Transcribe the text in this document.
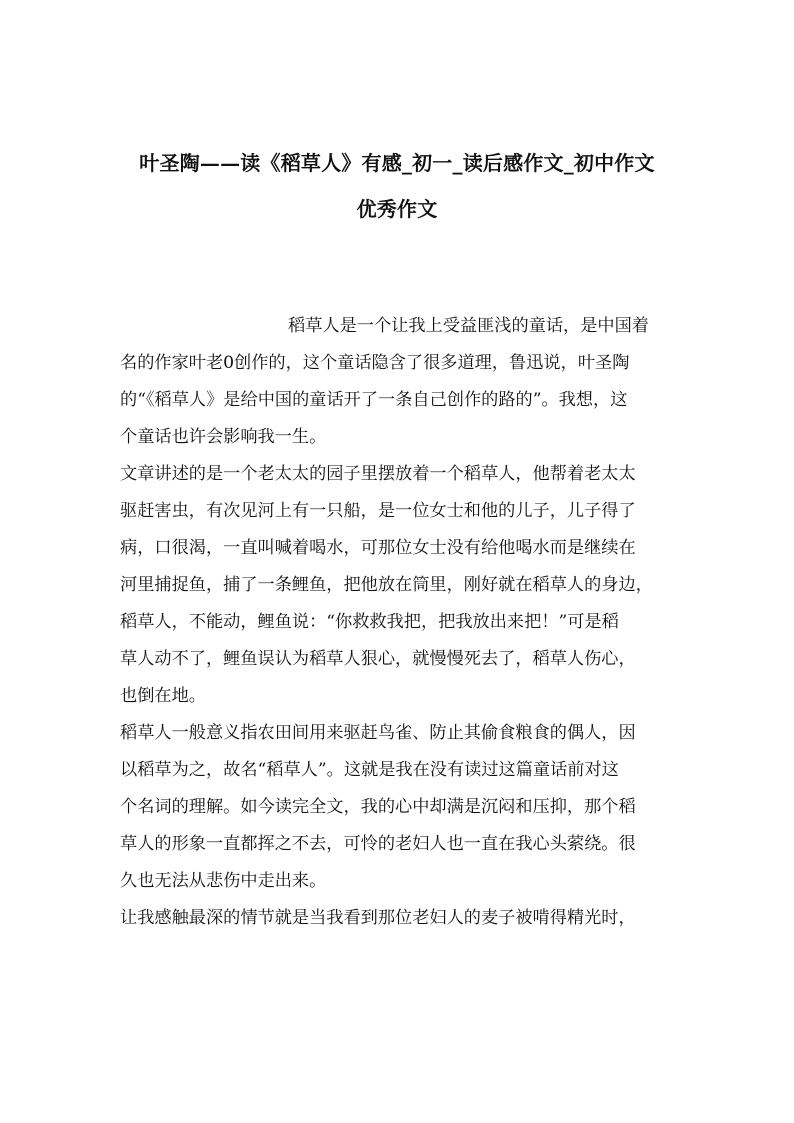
叶圣陶——读《稻草人》有感_初一_读后感作文_初中作文
优秀作文
稻草人是一个让我上受益匪浅的童话，是中国着
名的作家叶老0创作的，这个童话隐含了很多道理，鲁迅说，叶圣陶
的“《稻草人》是给中国的童话开了一条自己创作的路的”。我想，这
个童话也许会影响我一生。
文章讲述的是一个老太太的园子里摆放着一个稻草人，他帮着老太太
驱赶害虫，有次见河上有一只船，是一位女士和他的儿子，儿子得了
病，口很渴，一直叫喊着喝水，可那位女士没有给他喝水而是继续在
河里捕捉鱼，捕了一条鲤鱼，把他放在筒里，刚好就在稻草人的身边，
稻草人，不能动，鲤鱼说：“你救救我把，把我放出来把！”可是稻
草人动不了，鲤鱼误认为稻草人狠心，就慢慢死去了，稻草人伤心，
也倒在地。
稻草人一般意义指农田间用来驱赶鸟雀、防止其偷食粮食的偶人，因
以稻草为之，故名“稻草人”。这就是我在没有读过这篇童话前对这
个名词的理解。如今读完全文，我的心中却满是沉闷和压抑，那个稻
草人的形象一直都挥之不去，可怜的老妇人也一直在我心头萦绕。很
久也无法从悲伤中走出来。
让我感触最深的情节就是当我看到那位老妇人的麦子被啃得精光时，
